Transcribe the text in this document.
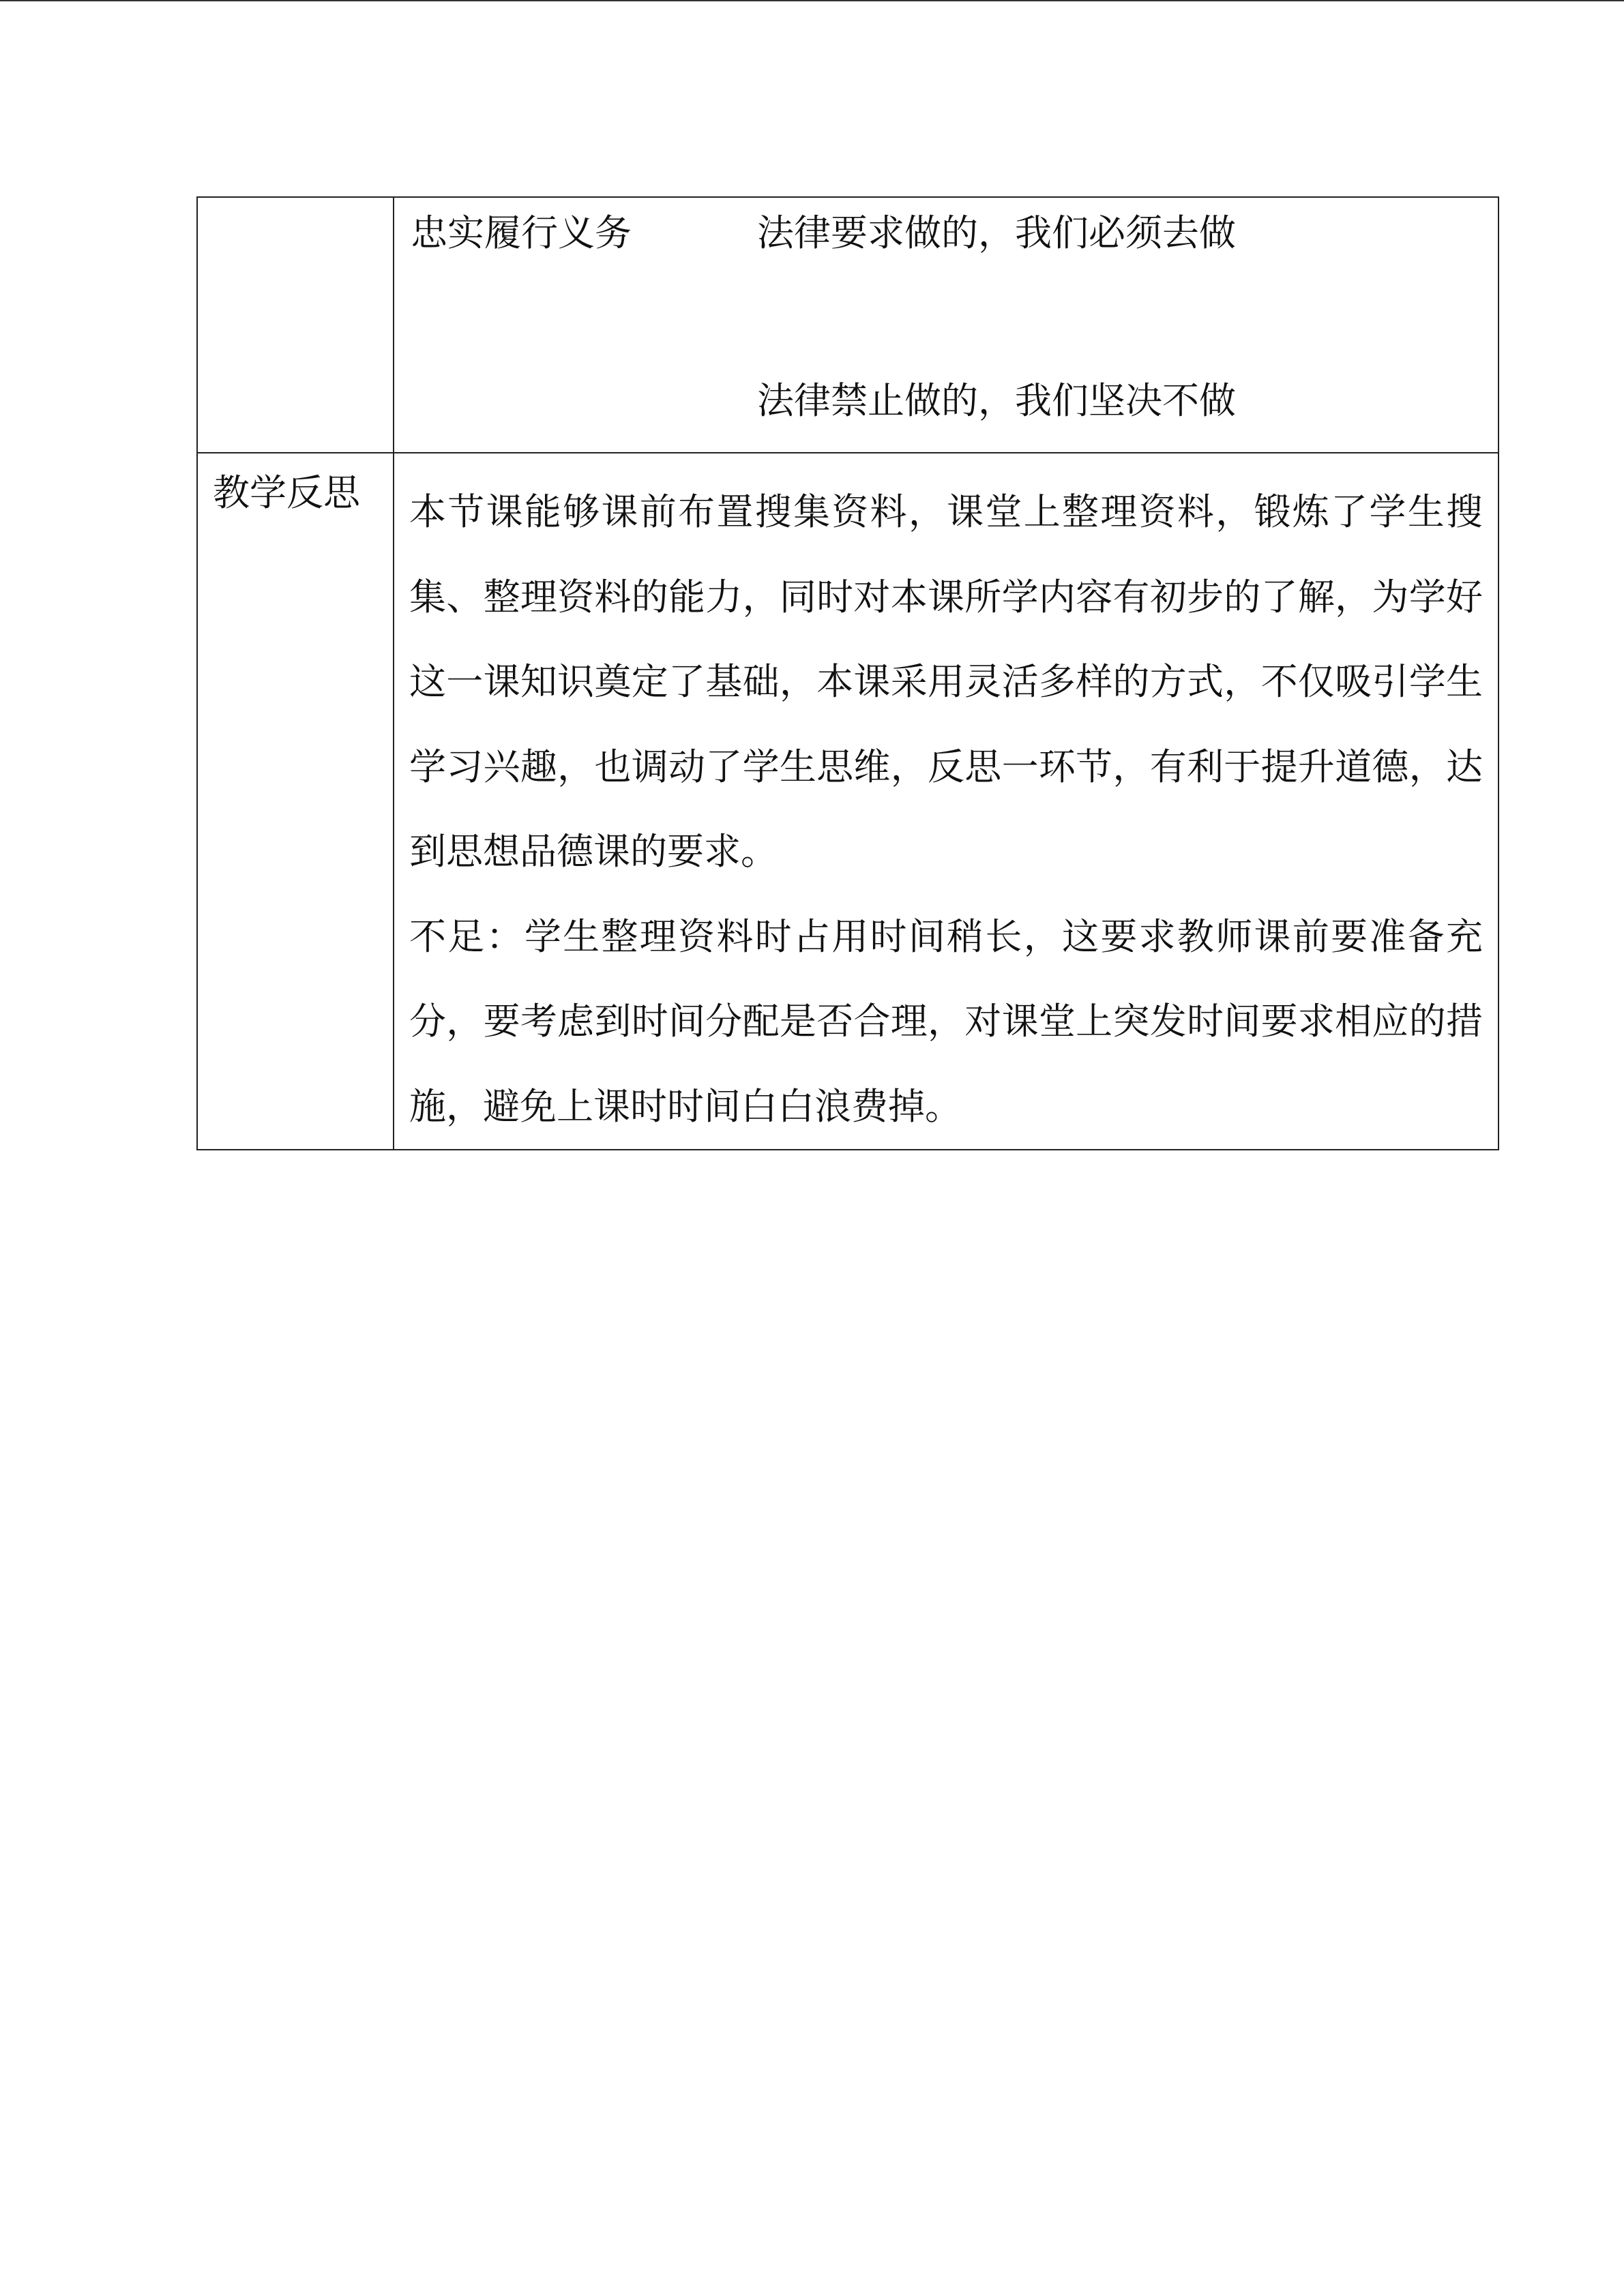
	忠实履行义务 法律要求做的，我们必须去做
法律禁止做的，我们坚决不做

教学反思	本节课能够课前布置搜集资料，课堂上整理资料，锻炼了学生搜集、整理资料的能力，同时对本课所学内容有初步的了解，为学好这一课知识奠定了基础，本课采用灵活多样的方式，不仅吸引学生学习兴趣，也调动了学生思维，反思一环节，有利于提升道德，达到思想品德课的要求。

不足：学生整理资料时占用时间稍长，这要求教师课前要准备充分，要考虑到时间分配是否合理，对课堂上突发时间要求相应的措施，避免上课时时间白白浪费掉。
